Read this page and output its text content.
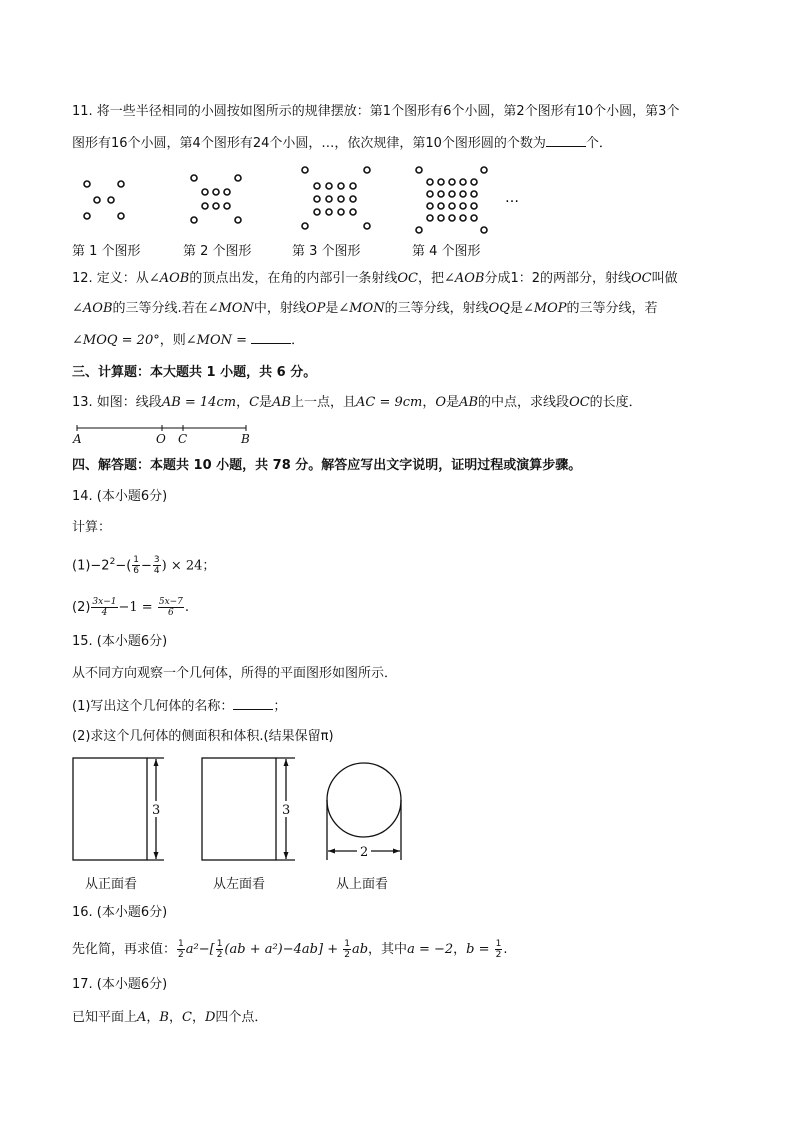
11. 将一些半径相同的小圆按如图所示的规律摆放：第1个图形有6个小圆，第2个图形有10个小圆，第3个
图形有16个小圆，第4个图形有24个小圆，…，依次规律，第10个图形圆的个数为	个．
…
第 1 个图形	第 2 个图形	第 3 个图形	第 4 个图形
12. 定义：从∠AOB的顶点出发，在角的内部引一条射线OC，把∠AOB分成1：2的两部分，射线OC叫做
∠AOB的三等分线.若在∠MON中，射线OP是∠MON的三等分线，射线OQ是∠MOP的三等分线，若
∠MOQ = 20°，则∠MON =	．
三、计算题：本大题共 1 小题，共 6 分。
13. 如图：线段AB = 14cm，C是AB上一点，且AC = 9cm，O是AB的中点，求线段OC的长度．
A	O C	B
四、解答题：本题共 10 小题，共 78 分。解答应写出文字说明，证明过程或演算步骤。
14. (本小题6分)
计算：
$(1)-2^2-( \frac{1}{6} - \frac{3}{4}$ ) × 24；
$(2) \frac{3x-1}{4} -1 = \frac{5x-7}{6}$ .
15. (本小题6分)
从不同方向观察一个几何体，所得的平面图形如图所示．
(1)写出这个几何体的名称：	；
(2)求这个几何体的侧面积和体积.(结果保留π)
3	3
2
从正面看	从左面看	从上面看
16. (本小题6分)
先化简，再求值： $\frac{1}{2} a^2-[ \frac{1}{2} (ab + a^2)-4ab] + \frac{1}{2}$ ab，其中a = −2，$b = \frac{1}{2}$ .
17. (本小题6分)
已知平面上A，B，C，D四个点．
